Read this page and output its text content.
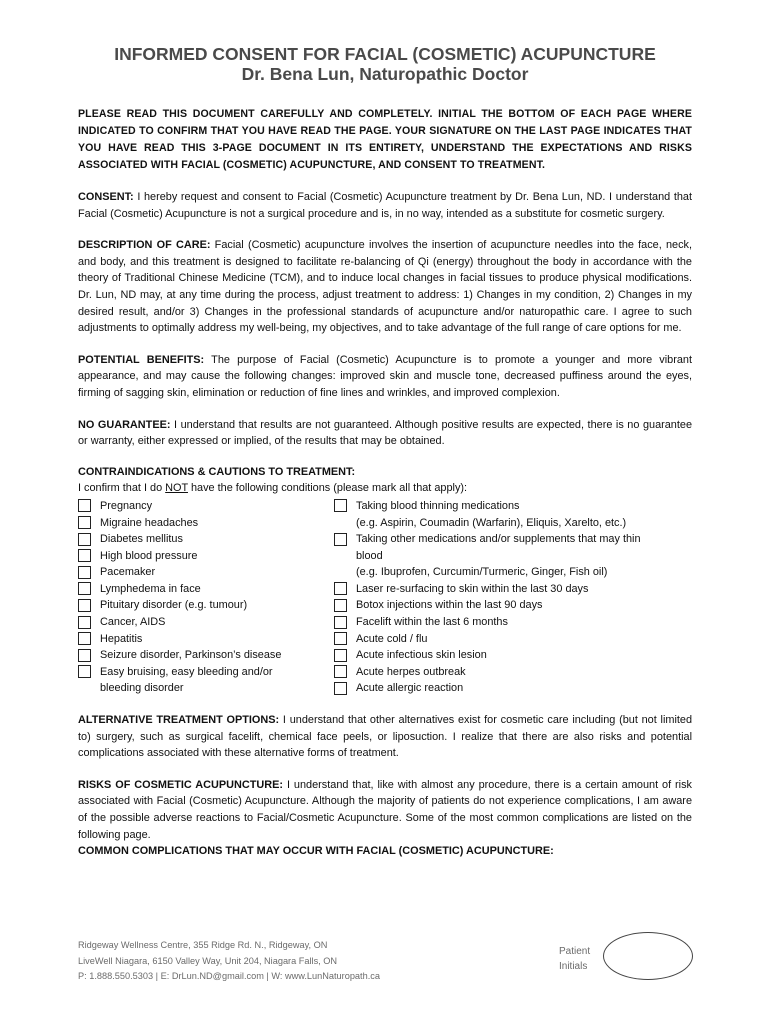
INFORMED CONSENT FOR FACIAL (COSMETIC) ACUPUNCTURE
Dr. Bena Lun, Naturopathic Doctor
PLEASE READ THIS DOCUMENT CAREFULLY AND COMPLETELY. INITIAL THE BOTTOM OF EACH PAGE WHERE INDICATED TO CONFIRM THAT YOU HAVE READ THE PAGE. YOUR SIGNATURE ON THE LAST PAGE INDICATES THAT YOU HAVE READ THIS 3-PAGE DOCUMENT IN ITS ENTIRETY, UNDERSTAND THE EXPECTATIONS AND RISKS ASSOCIATED WITH FACIAL (COSMETIC) ACUPUNCTURE, AND CONSENT TO TREATMENT.
CONSENT: I hereby request and consent to Facial (Cosmetic) Acupuncture treatment by Dr. Bena Lun, ND. I understand that Facial (Cosmetic) Acupuncture is not a surgical procedure and is, in no way, intended as a substitute for cosmetic surgery.
DESCRIPTION OF CARE: Facial (Cosmetic) acupuncture involves the insertion of acupuncture needles into the face, neck, and body, and this treatment is designed to facilitate re-balancing of Qi (energy) throughout the body in accordance with the theory of Traditional Chinese Medicine (TCM), and to induce local changes in facial tissues to produce physical modifications. Dr. Lun, ND may, at any time during the process, adjust treatment to address: 1) Changes in my condition, 2) Changes in my desired result, and/or 3) Changes in the professional standards of acupuncture and/or naturopathic care. I agree to such adjustments to optimally address my well-being, my objectives, and to take advantage of the full range of care options for me.
POTENTIAL BENEFITS: The purpose of Facial (Cosmetic) Acupuncture is to promote a younger and more vibrant appearance, and may cause the following changes: improved skin and muscle tone, decreased puffiness around the eyes, firming of sagging skin, elimination or reduction of fine lines and wrinkles, and improved complexion.
NO GUARANTEE: I understand that results are not guaranteed. Although positive results are expected, there is no guarantee or warranty, either expressed or implied, of the results that may be obtained.
CONTRAINDICATIONS & CAUTIONS TO TREATMENT:
I confirm that I do NOT have the following conditions (please mark all that apply):
Pregnancy
Migraine headaches
Diabetes mellitus
High blood pressure
Pacemaker
Lymphedema in face
Pituitary disorder (e.g. tumour)
Cancer, AIDS
Hepatitis
Seizure disorder, Parkinson’s disease
Easy bruising, easy bleeding and/or
bleeding disorder
Taking blood thinning medications
(e.g. Aspirin, Coumadin (Warfarin), Eliquis, Xarelto, etc.)
Taking other medications and/or supplements that may thin
blood
(e.g. Ibuprofen, Curcumin/Turmeric, Ginger, Fish oil)
Laser re-surfacing to skin within the last 30 days
Botox injections within the last 90 days
Facelift within the last 6 months
Acute cold / flu
Acute infectious skin lesion
Acute herpes outbreak
Acute allergic reaction
ALTERNATIVE TREATMENT OPTIONS: I understand that other alternatives exist for cosmetic care including (but not limited to) surgery, such as surgical facelift, chemical face peels, or liposuction. I realize that there are also risks and potential complications associated with these alternative forms of treatment.
RISKS OF COSMETIC ACUPUNCTURE: I understand that, like with almost any procedure, there is a certain amount of risk associated with Facial (Cosmetic) Acupuncture. Although the majority of patients do not experience complications, I am aware of the possible adverse reactions to Facial/Cosmetic Acupuncture. Some of the most common complications are listed on the following page.
COMMON COMPLICATIONS THAT MAY OCCUR WITH FACIAL (COSMETIC) ACUPUNCTURE:
Ridgeway Wellness Centre, 355 Ridge Rd. N., Ridgeway, ON
LiveWell Niagara, 6150 Valley Way, Unit 204, Niagara Falls, ON
P: 1.888.550.5303 | E: DrLun.ND@gmail.com | W: www.LunNaturopath.ca
Patient
Initials
